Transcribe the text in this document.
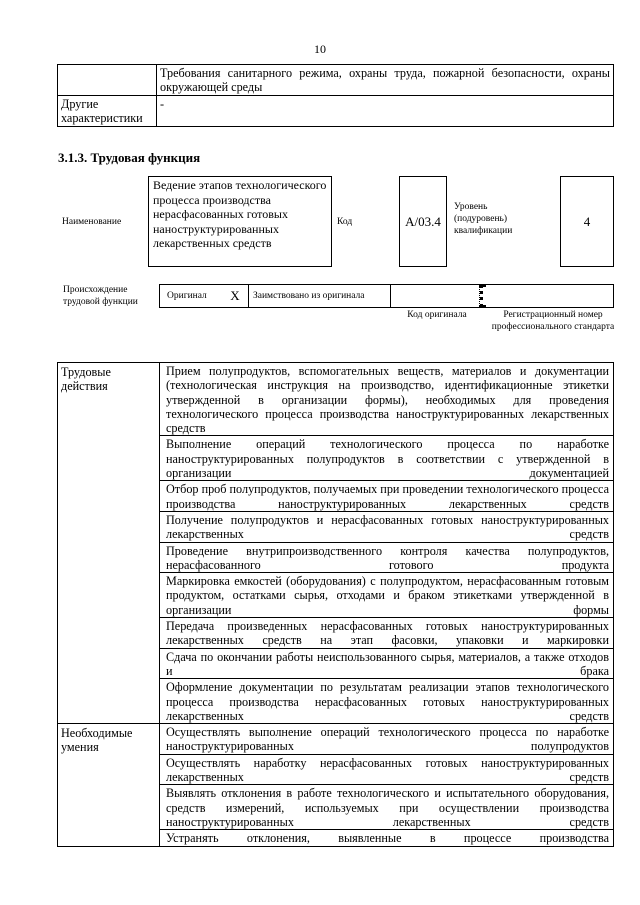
10
	Требования санитарного режима, охраны труда, пожарной безопасности, охраны окружающей среды
Другие характеристики	-
3.1.3. Трудовая функция
Наименование
Ведение этапов технологического процесса производства нерасфасованных готовых наноструктурированных лекарственных средств
Код	А/03.4
Уровень (подуровень) квалификации
4
Происхождение трудовой функции
Оригинал X Заимствовано из оригинала
Код оригинала	Регистрационный номер профессионального стандарта
Трудовые действия	Прием полупродуктов, вспомогательных веществ, материалов и документации (технологическая инструкция на производство, идентификационные этикетки утвержденной в организации формы), необходимых для проведения технологического процесса производства наноструктурированных лекарственных средств
	Выполнение операций технологического процесса по наработке наноструктурированных полупродуктов в соответствии с утвержденной в организации документацией
	Отбор проб полупродуктов, получаемых при проведении технологического процесса производства наноструктурированных лекарственных средств
	Получение полупродуктов и нерасфасованных готовых наноструктурированных лекарственных средств
	Проведение внутрипроизводственного контроля качества полупродуктов, нерасфасованного готового продукта
	Маркировка емкостей (оборудования) с полупродуктом, нерасфасованным готовым продуктом, остатками сырья, отходами и браком этикетками утвержденной в организации формы
	Передача произведенных нерасфасованных готовых наноструктурированных лекарственных средств на этап фасовки, упаковки и маркировки
	Сдача по окончании работы неиспользованного сырья, материалов, а также отходов и брака
	Оформление документации по результатам реализации этапов технологического процесса производства нерасфасованных готовых наноструктурированных лекарственных средств
Необходимые умения	Осуществлять выполнение операций технологического процесса по наработке наноструктурированных полупродуктов
	Осуществлять наработку нерасфасованных готовых наноструктурированных лекарственных средств
	Выявлять отклонения в работе технологического и испытательного оборудования, средств измерений, используемых при осуществлении производства наноструктурированных лекарственных средств
	Устранять отклонения, выявленные в процессе производства
